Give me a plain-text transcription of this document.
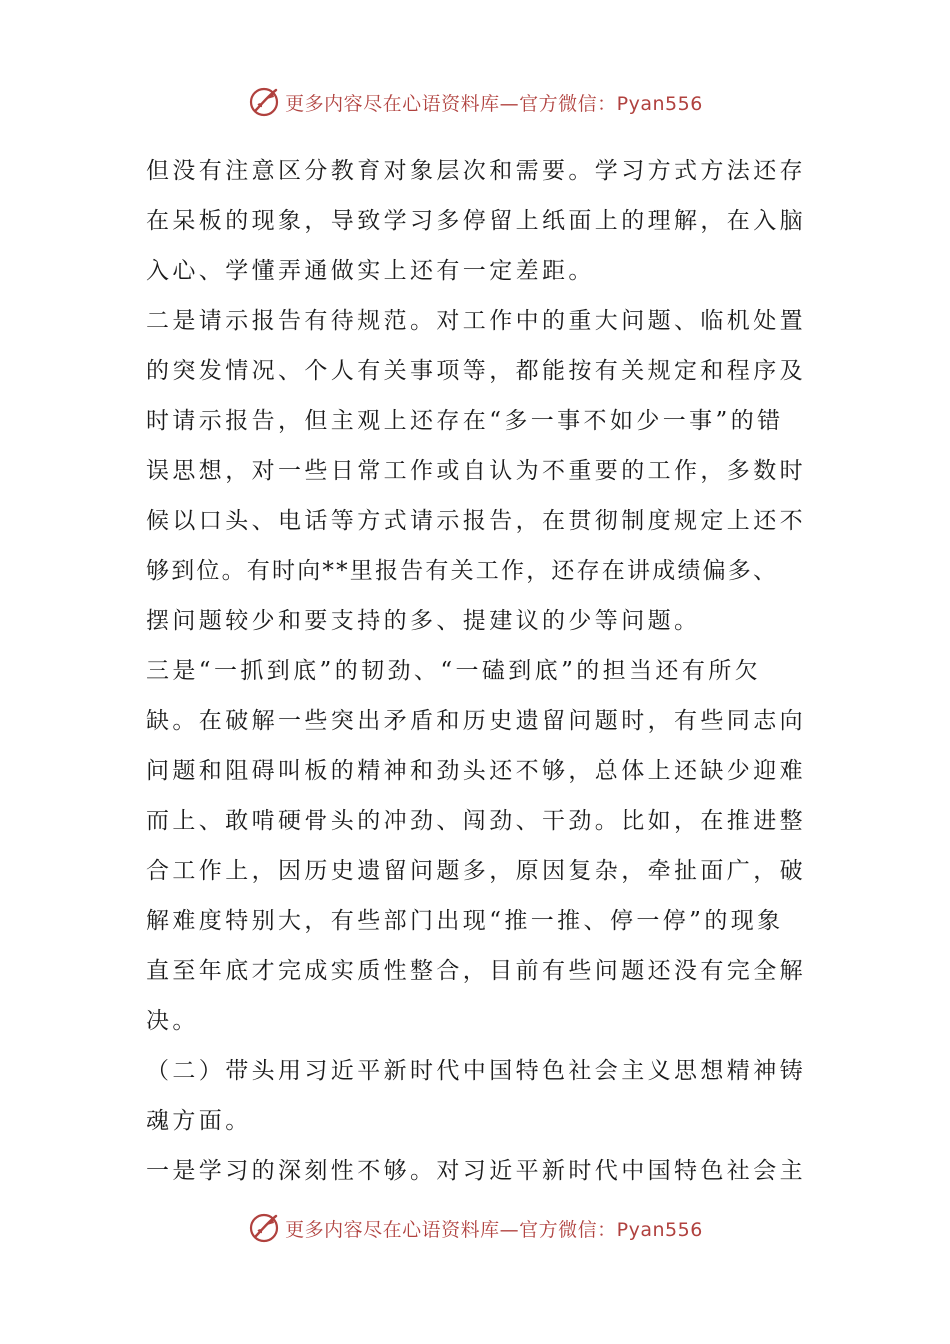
更多内容尽在心语资料库—官方微信：Pyan556
但没有注意区分教育对象层次和需要。学习方式方法还存
在呆板的现象，导致学习多停留上纸面上的理解，在入脑
入心、学懂弄通做实上还有一定差距。
二是请示报告有待规范。对工作中的重大问题、临机处置
的突发情况、个人有关事项等，都能按有关规定和程序及
时请示报告，但主观上还存在“多一事不如少一事”的错
误思想，对一些日常工作或自认为不重要的工作，多数时
候以口头、电话等方式请示报告，在贯彻制度规定上还不
够到位。有时向**里报告有关工作，还存在讲成绩偏多、
摆问题较少和要支持的多、提建议的少等问题。
三是“一抓到底”的韧劲、“一磕到底”的担当还有所欠
缺。在破解一些突出矛盾和历史遗留问题时，有些同志向
问题和阻碍叫板的精神和劲头还不够，总体上还缺少迎难
而上、敢啃硬骨头的冲劲、闯劲、干劲。比如，在推进整
合工作上，因历史遗留问题多，原因复杂，牵扯面广，破
解难度特别大，有些部门出现“推一推、停一停”的现象
直至年底才完成实质性整合，目前有些问题还没有完全解
决。
（二）带头用习近平新时代中国特色社会主义思想精神铸
魂方面。
一是学习的深刻性不够。对习近平新时代中国特色社会主
更多内容尽在心语资料库—官方微信：Pyan556
